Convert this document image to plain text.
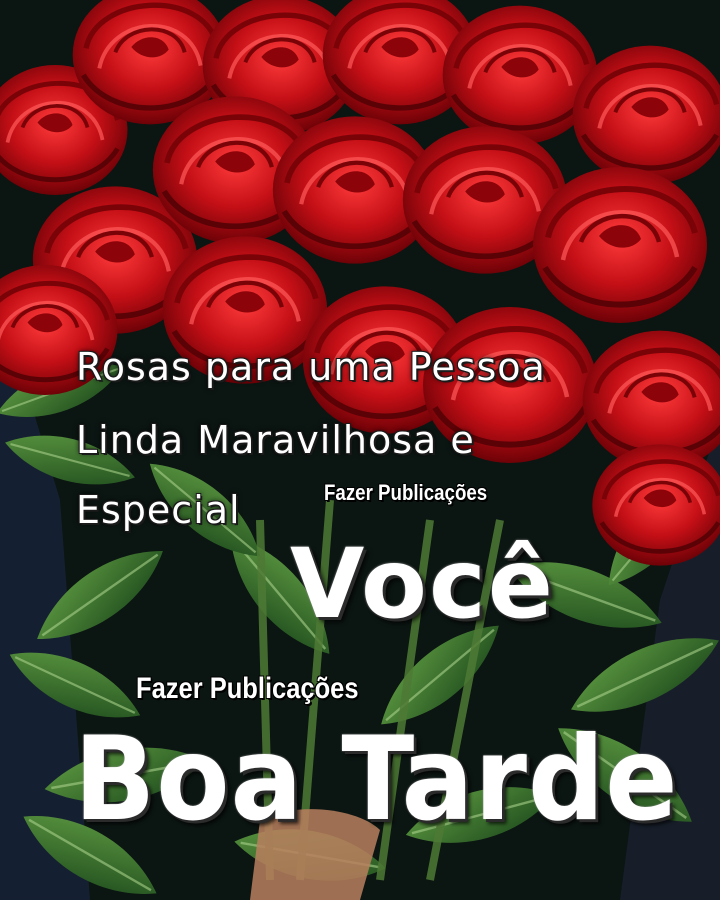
Rosas para uma Pessoa
Linda Maravilhosa e
Especial	Fazer Publicações
Você
Fazer Publicações
Boa Tarde
